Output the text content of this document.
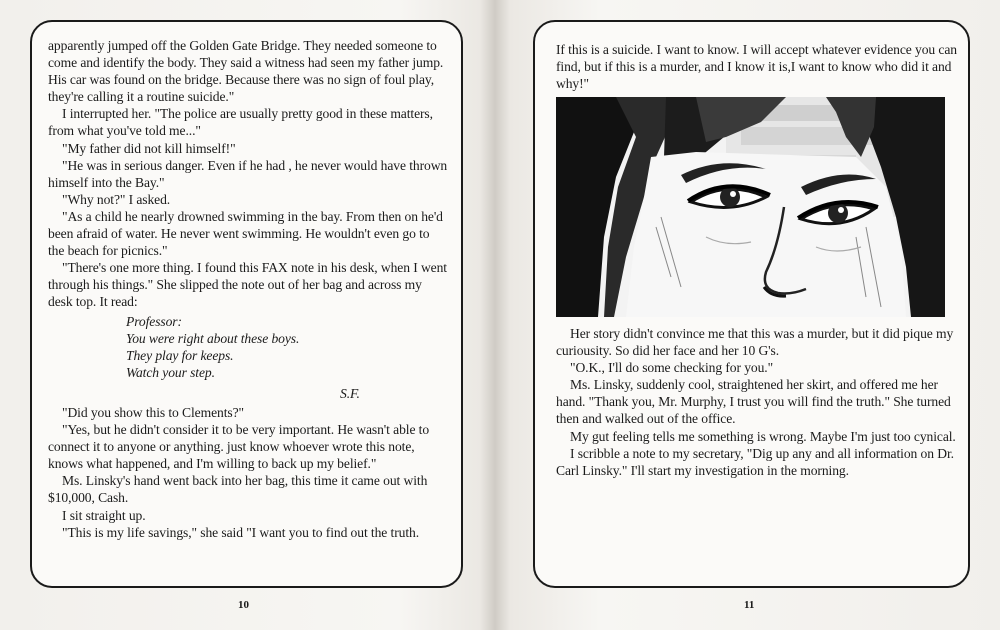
apparently jumped off the Golden Gate Bridge. They needed someone to come and identify the body. They said a witness had seen my father jump. His car was found on the bridge. Because there was no sign of foul play, they're calling it a routine suicide."

I interrupted her. "The police are usually pretty good in these matters, from what you've told me..."

"My father did not kill himself!"

"He was in serious danger. Even if he had , he never would have thrown himself into the Bay."

"Why not?" I asked.

"As a child he nearly drowned swimming in the bay. From then on he'd been afraid of water. He never went swimming. He wouldn't even go to the beach for picnics."

"There's one more thing. I found this FAX note in his desk, when I went through his things." She slipped the note out of her bag and across my desk top. It read:

Professor:
You were right about these boys.
They play for keeps.
Watch your step.
S.F.

"Did you show this to Clements?"

"Yes, but he didn't consider it to be very important. He wasn't able to connect it to anyone or anything. just know whoever wrote this note, knows what happened, and I'm willing to back up my belief."

Ms. Linsky's hand went back into her bag, this time it came out with $10,000, Cash.

I sit straight up.

"This is my life savings," she said "I want you to find out the truth.

10

If this is a suicide. I want to know. I will accept whatever evidence you can find, but if this is a murder, and I know it is,I want to know who did it and why!"

Her story didn't convince me that this was a murder, but it did pique my curiousity. So did her face and her 10 G's.

"O.K., I'll do some checking for you."

Ms. Linsky, suddenly cool, straightened her skirt, and offered me her hand. "Thank you, Mr. Murphy, I trust you will find the truth." She turned then and walked out of the office.

My gut feeling tells me something is wrong. Maybe I'm just too cynical.

I scribble a note to my secretary, "Dig up any and all information on Dr. Carl Linsky." I'll start my investigation in the morning.

11
